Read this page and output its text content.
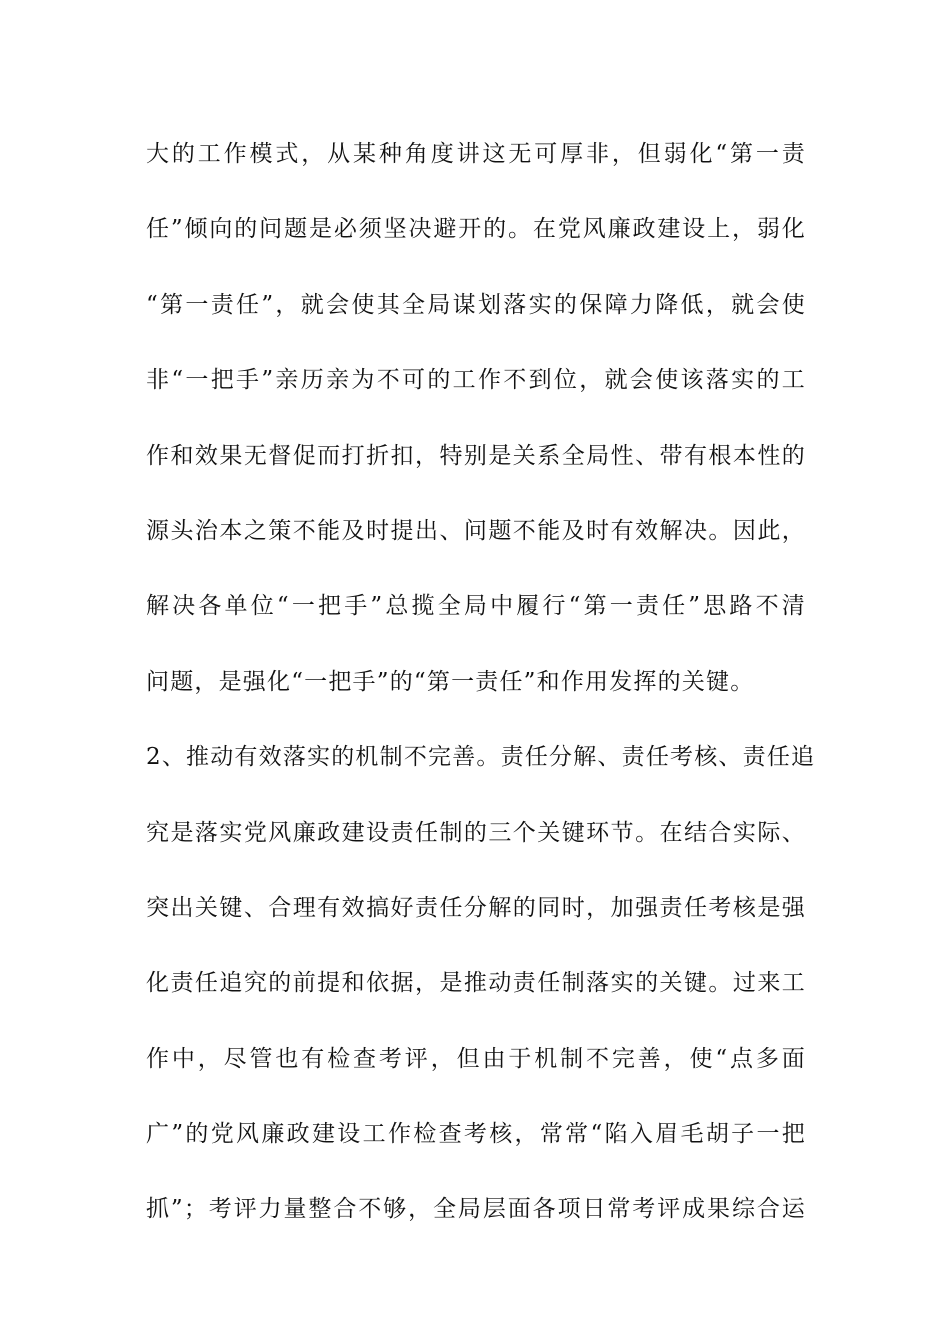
大的工作模式，从某种角度讲这无可厚非，但弱化“第一责
任”倾向的问题是必须坚决避开的。在党风廉政建设上，弱化
“第一责任”，就会使其全局谋划落实的保障力降低，就会使
非“一把手”亲历亲为不可的工作不到位，就会使该落实的工
作和效果无督促而打折扣，特别是关系全局性、带有根本性的
源头治本之策不能及时提出、问题不能及时有效解决。因此，
解决各单位“一把手”总揽全局中履行“第一责任”思路不清
问题，是强化“一把手”的“第一责任”和作用发挥的关键。
2、推动有效落实的机制不完善。责任分解、责任考核、责任追
究是落实党风廉政建设责任制的三个关键环节。在结合实际、
突出关键、合理有效搞好责任分解的同时，加强责任考核是强
化责任追究的前提和依据，是推动责任制落实的关键。过来工
作中，尽管也有检查考评，但由于机制不完善，使“点多面
广”的党风廉政建设工作检查考核，常常“陷入眉毛胡子一把
抓”；考评力量整合不够，全局层面各项日常考评成果综合运
